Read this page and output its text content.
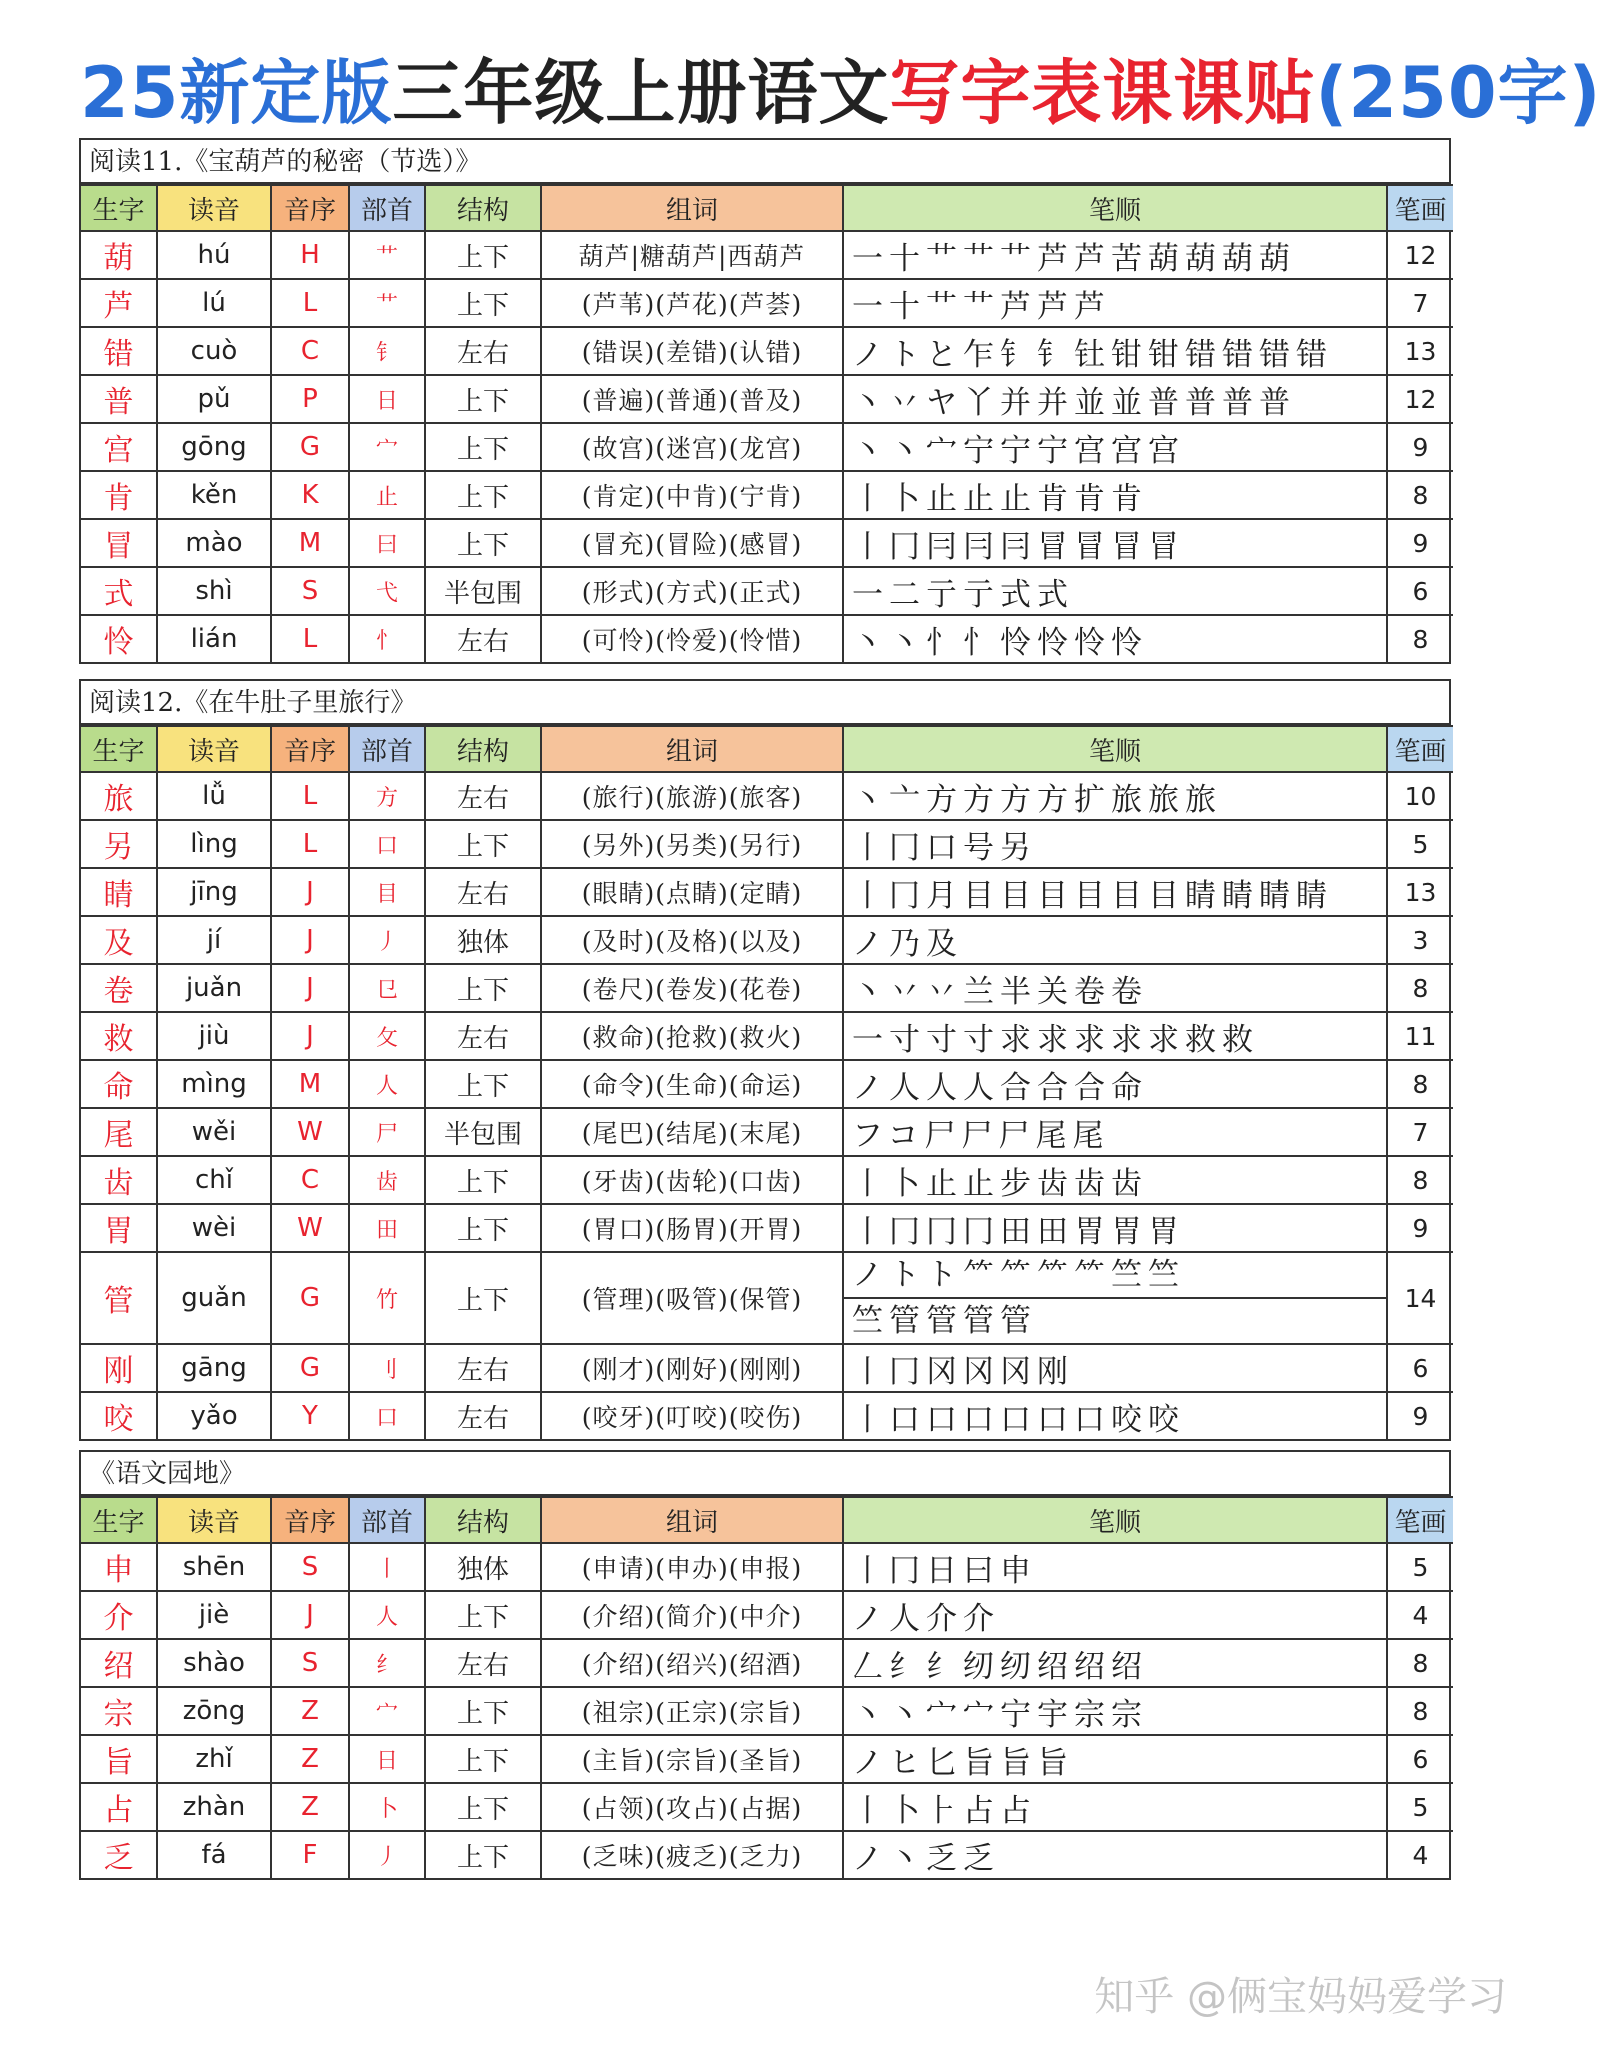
25新定版三年级上册语文写字表课课贴(250字)
阅读11.《宝葫芦的秘密（节选）》
生字	读音	音序	部首	结构	组词	笔顺	笔画
葫	hú	H	艹	上下	葫芦|糖葫芦|西葫芦	一十艹艹艹芦芦苦葫葫葫葫	12
芦	lú	L	艹	上下	(芦苇)(芦花)(芦荟)	一十艹艹芦芦芦	7
错	cuò	C	钅	左右	(错误)(差错)(认错)	ノトと乍钅钅钍钳钳错错错错	13
普	pǔ	P	日	上下	(普遍)(普通)(普及)	丶丷ヤ丫并并並並普普普普	12
宫	gōng	G	宀	上下	(故宫)(迷宫)(龙宫)	丶丶宀宁宁宁宫宫宫	9
肯	kěn	K	止	上下	(肯定)(中肯)(宁肯)	丨卜止止止肯肯肯	8
冒	mào	M	曰	上下	(冒充)(冒险)(感冒)	丨冂冃冃冃冒冒冒冒	9
式	shì	S	弋	半包围	(形式)(方式)(正式)	一二亍亍式式	6
怜	lián	L	忄	左右	(可怜)(怜爱)(怜惜)	丶丶忄忄怜怜怜怜	8
阅读12.《在牛肚子里旅行》
生字	读音	音序	部首	结构	组词	笔顺	笔画
旅	lǚ	L	方	左右	(旅行)(旅游)(旅客)	丶亠方方方方扩旅旅旅	10
另	lìng	L	口	上下	(另外)(另类)(另行)	丨冂口号另	5
睛	jīng	J	目	左右	(眼睛)(点睛)(定睛)	丨冂月目目目目目目睛睛睛睛	13
及	jí	J	丿	独体	(及时)(及格)(以及)	ノ乃及	3
卷	juǎn	J	㔾	上下	(卷尺)(卷发)(花卷)	丶丷丷兰半关卷卷	8
救	jiù	J	攵	左右	(救命)(抢救)(救火)	一寸寸寸求求求求求救救	11
命	mìng	M	人	上下	(命令)(生命)(命运)	ノ人人人合合合命	8
尾	wěi	W	尸	半包围	(尾巴)(结尾)(末尾)	フコ尸尸尸尾尾	7
齿	chǐ	C	齿	上下	(牙齿)(齿轮)(口齿)	丨卜止止步齿齿齿	8
胃	wèi	W	田	上下	(胃口)(肠胃)(开胃)	丨冂冂冂田田胃胃胃	9
管	guǎn	G	竹	上下	(管理)(吸管)(保管)	ノトト⺮⺮⺮⺮竺竺
竺管管管管	14
刚	gāng	G	刂	左右	(刚才)(刚好)(刚刚)	丨冂冈冈冈刚	6
咬	yǎo	Y	口	左右	(咬牙)(叮咬)(咬伤)	丨口口口口口口咬咬	9
《语文园地》
生字	读音	音序	部首	结构	组词	笔顺	笔画
申	shēn	S	丨	独体	(申请)(申办)(申报)	丨冂日曰申	5
介	jiè	J	人	上下	(介绍)(简介)(中介)	ノ人介介	4
绍	shào	S	纟	左右	(介绍)(绍兴)(绍酒)	𠃋纟纟纫纫绍绍绍	8
宗	zōng	Z	宀	上下	(祖宗)(正宗)(宗旨)	丶丶宀宀宁宇宗宗	8
旨	zhǐ	Z	日	上下	(主旨)(宗旨)(圣旨)	ノヒ匕旨旨旨	6
占	zhàn	Z	卜	上下	(占领)(攻占)(占据)	丨卜⺊占占	5
乏	fá	F	丿	上下	(乏味)(疲乏)(乏力)	ノ丶乏乏	4
知乎 @俩宝妈妈爱学习
